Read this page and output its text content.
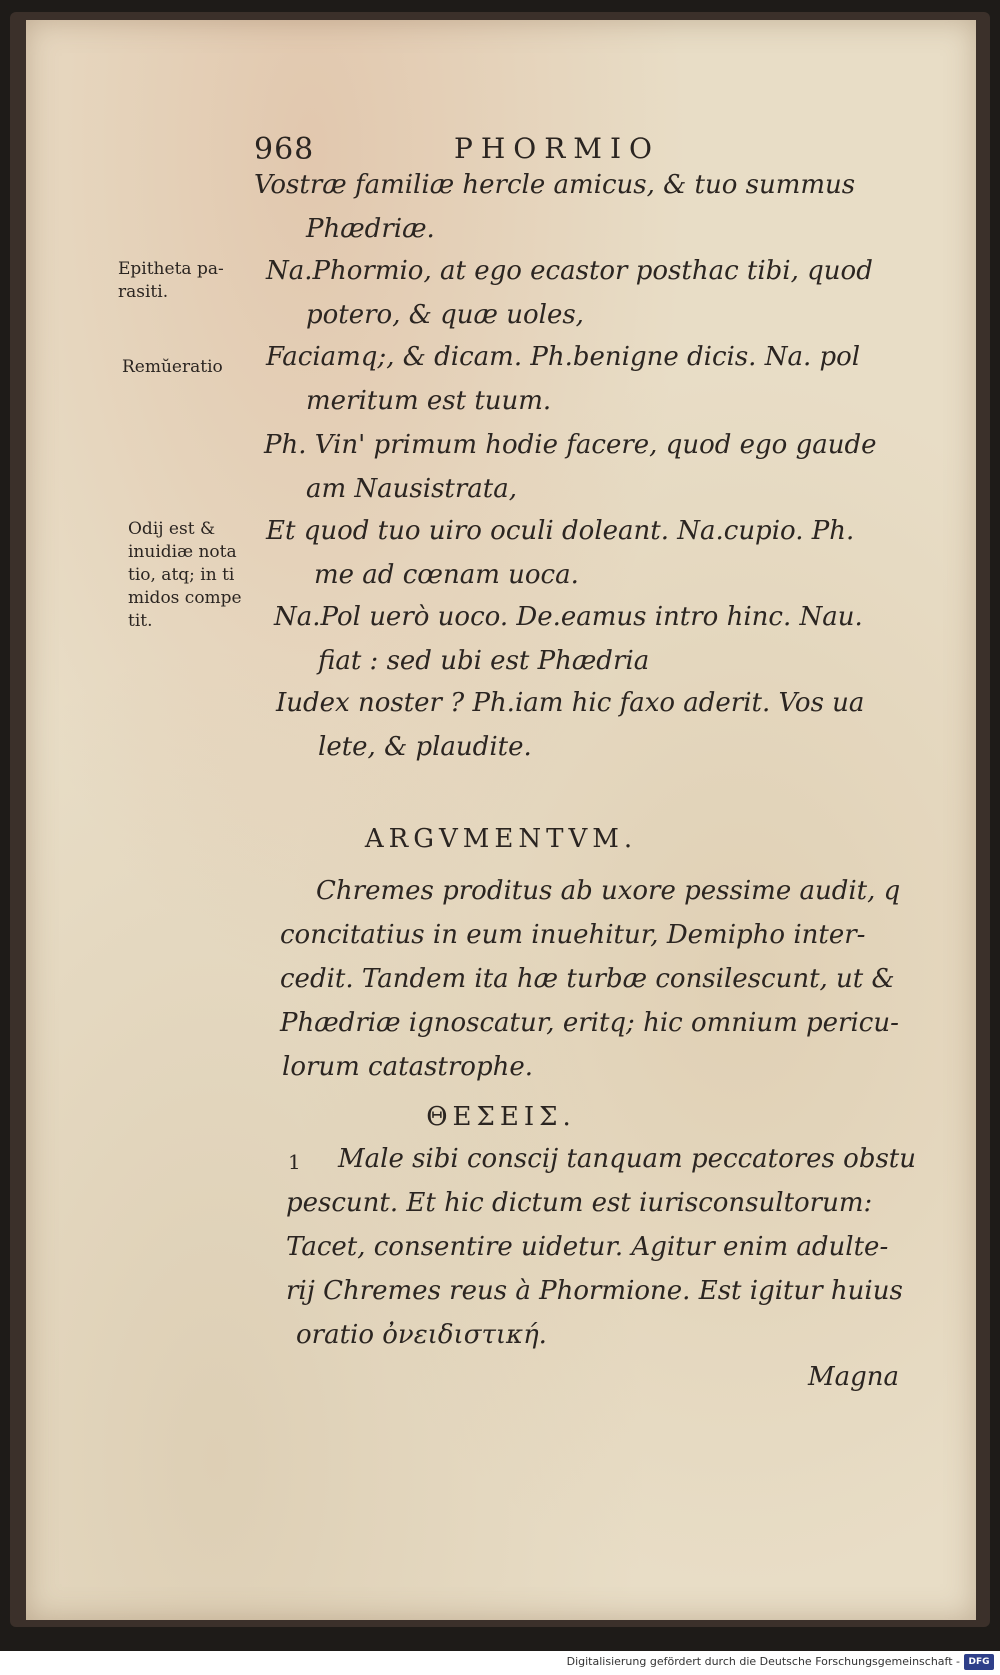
968	PHORMIO
Vostræ familiæ hercle amicus, & tuo summus
Phædriæ.
Na.Phormio, at ego ecastor posthac tibi, quod
potero, & quæ uoles,
Faciamq;, & dicam. Ph.benigne dicis. Na. pol
meritum est tuum.
Ph. Vin' primum hodie facere, quod ego gaude
am Nausistrata,
Et quod tuo uiro oculi doleant. Na.cupio. Ph.
me ad cœnam uoca.
Na.Pol uerò uoco. De.eamus intro hinc. Nau.
fiat : sed ubi est Phædria
Iudex noster ? Ph.iam hic faxo aderit. Vos ua
lete, & plaudite.
Epitheta pa-
rasiti.
Remŭeratio
Odij est &
inuidiæ nota
tio, atq; in ti
midos compe
tit.
ARGVMENTVM.
Chremes proditus ab uxore pessime audit, q
concitatius in eum inuehitur, Demipho inter-
cedit. Tandem ita hæ turbæ consilescunt, ut &
Phædriæ ignoscatur, eritq; hic omnium pericu-
lorum catastrophe.
ΘΕΣΕΙΣ.
1 Male sibi conscij tanquam peccatores obstu
pescunt. Et hic dictum est iurisconsultorum:
Tacet, consentire uidetur. Agitur enim adulte-
rij Chremes reus à Phormione. Est igitur huius
oratio ὀνειδιστική.
Magna
Digitalisierung gefördert durch die Deutsche Forschungsgemeinschaft - DFG
